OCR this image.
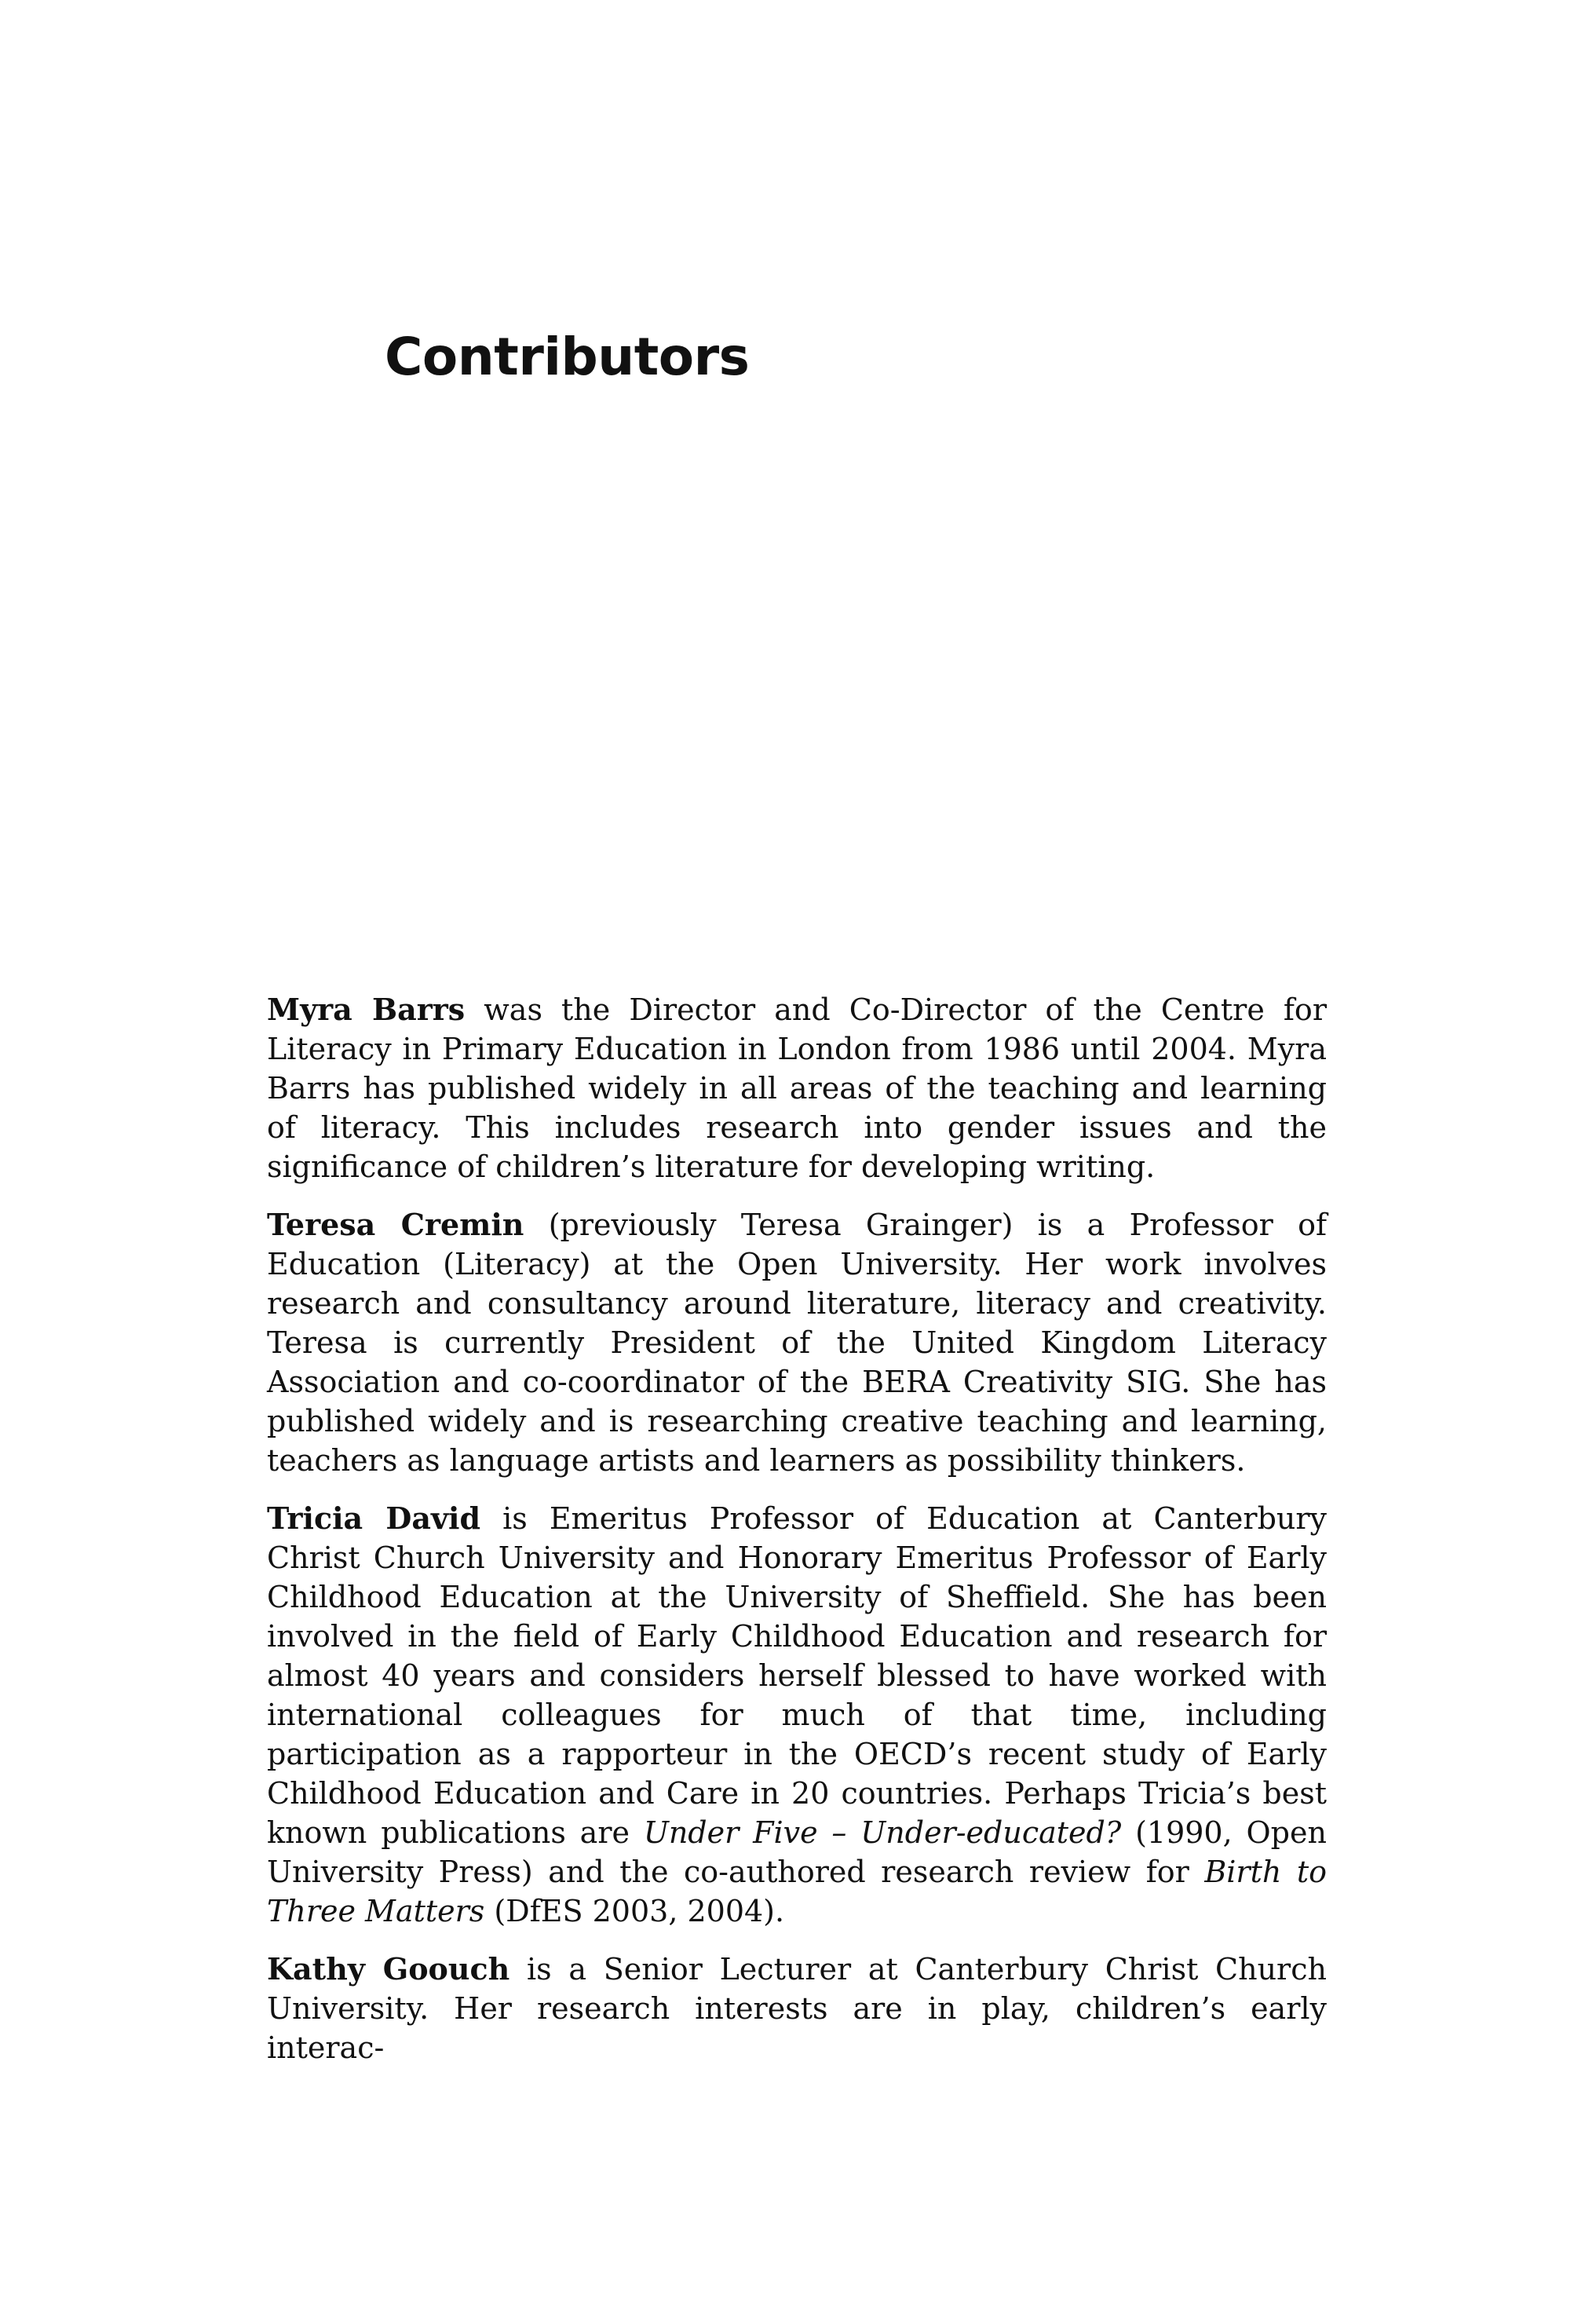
Contributors

Myra Barrs was the Director and Co-Director of the Centre for Literacy in Primary Education in London from 1986 until 2004. Myra Barrs has published widely in all areas of the teaching and learning of literacy. This includes research into gender issues and the significance of children’s literature for developing writing.

Teresa Cremin (previously Teresa Grainger) is a Professor of Education (Literacy) at the Open University. Her work involves research and consultancy around literature, literacy and creativity. Teresa is currently President of the United Kingdom Literacy Association and co-coordinator of the BERA Creativity SIG. She has published widely and is researching creative teaching and learning, teachers as language artists and learners as possibility thinkers.

Tricia David is Emeritus Professor of Education at Canterbury Christ Church University and Honorary Emeritus Professor of Early Childhood Education at the University of Sheffield. She has been involved in the field of Early Childhood Education and research for almost 40 years and considers herself blessed to have worked with international colleagues for much of that time, including participation as a rapporteur in the OECD’s recent study of Early Childhood Education and Care in 20 countries. Perhaps Tricia’s best known publications are Under Five – Under-educated? (1990, Open University Press) and the co-authored research review for Birth to Three Matters (DfES 2003, 2004).

Kathy Goouch is a Senior Lecturer at Canterbury Christ Church University. Her research interests are in play, children’s early interac-
